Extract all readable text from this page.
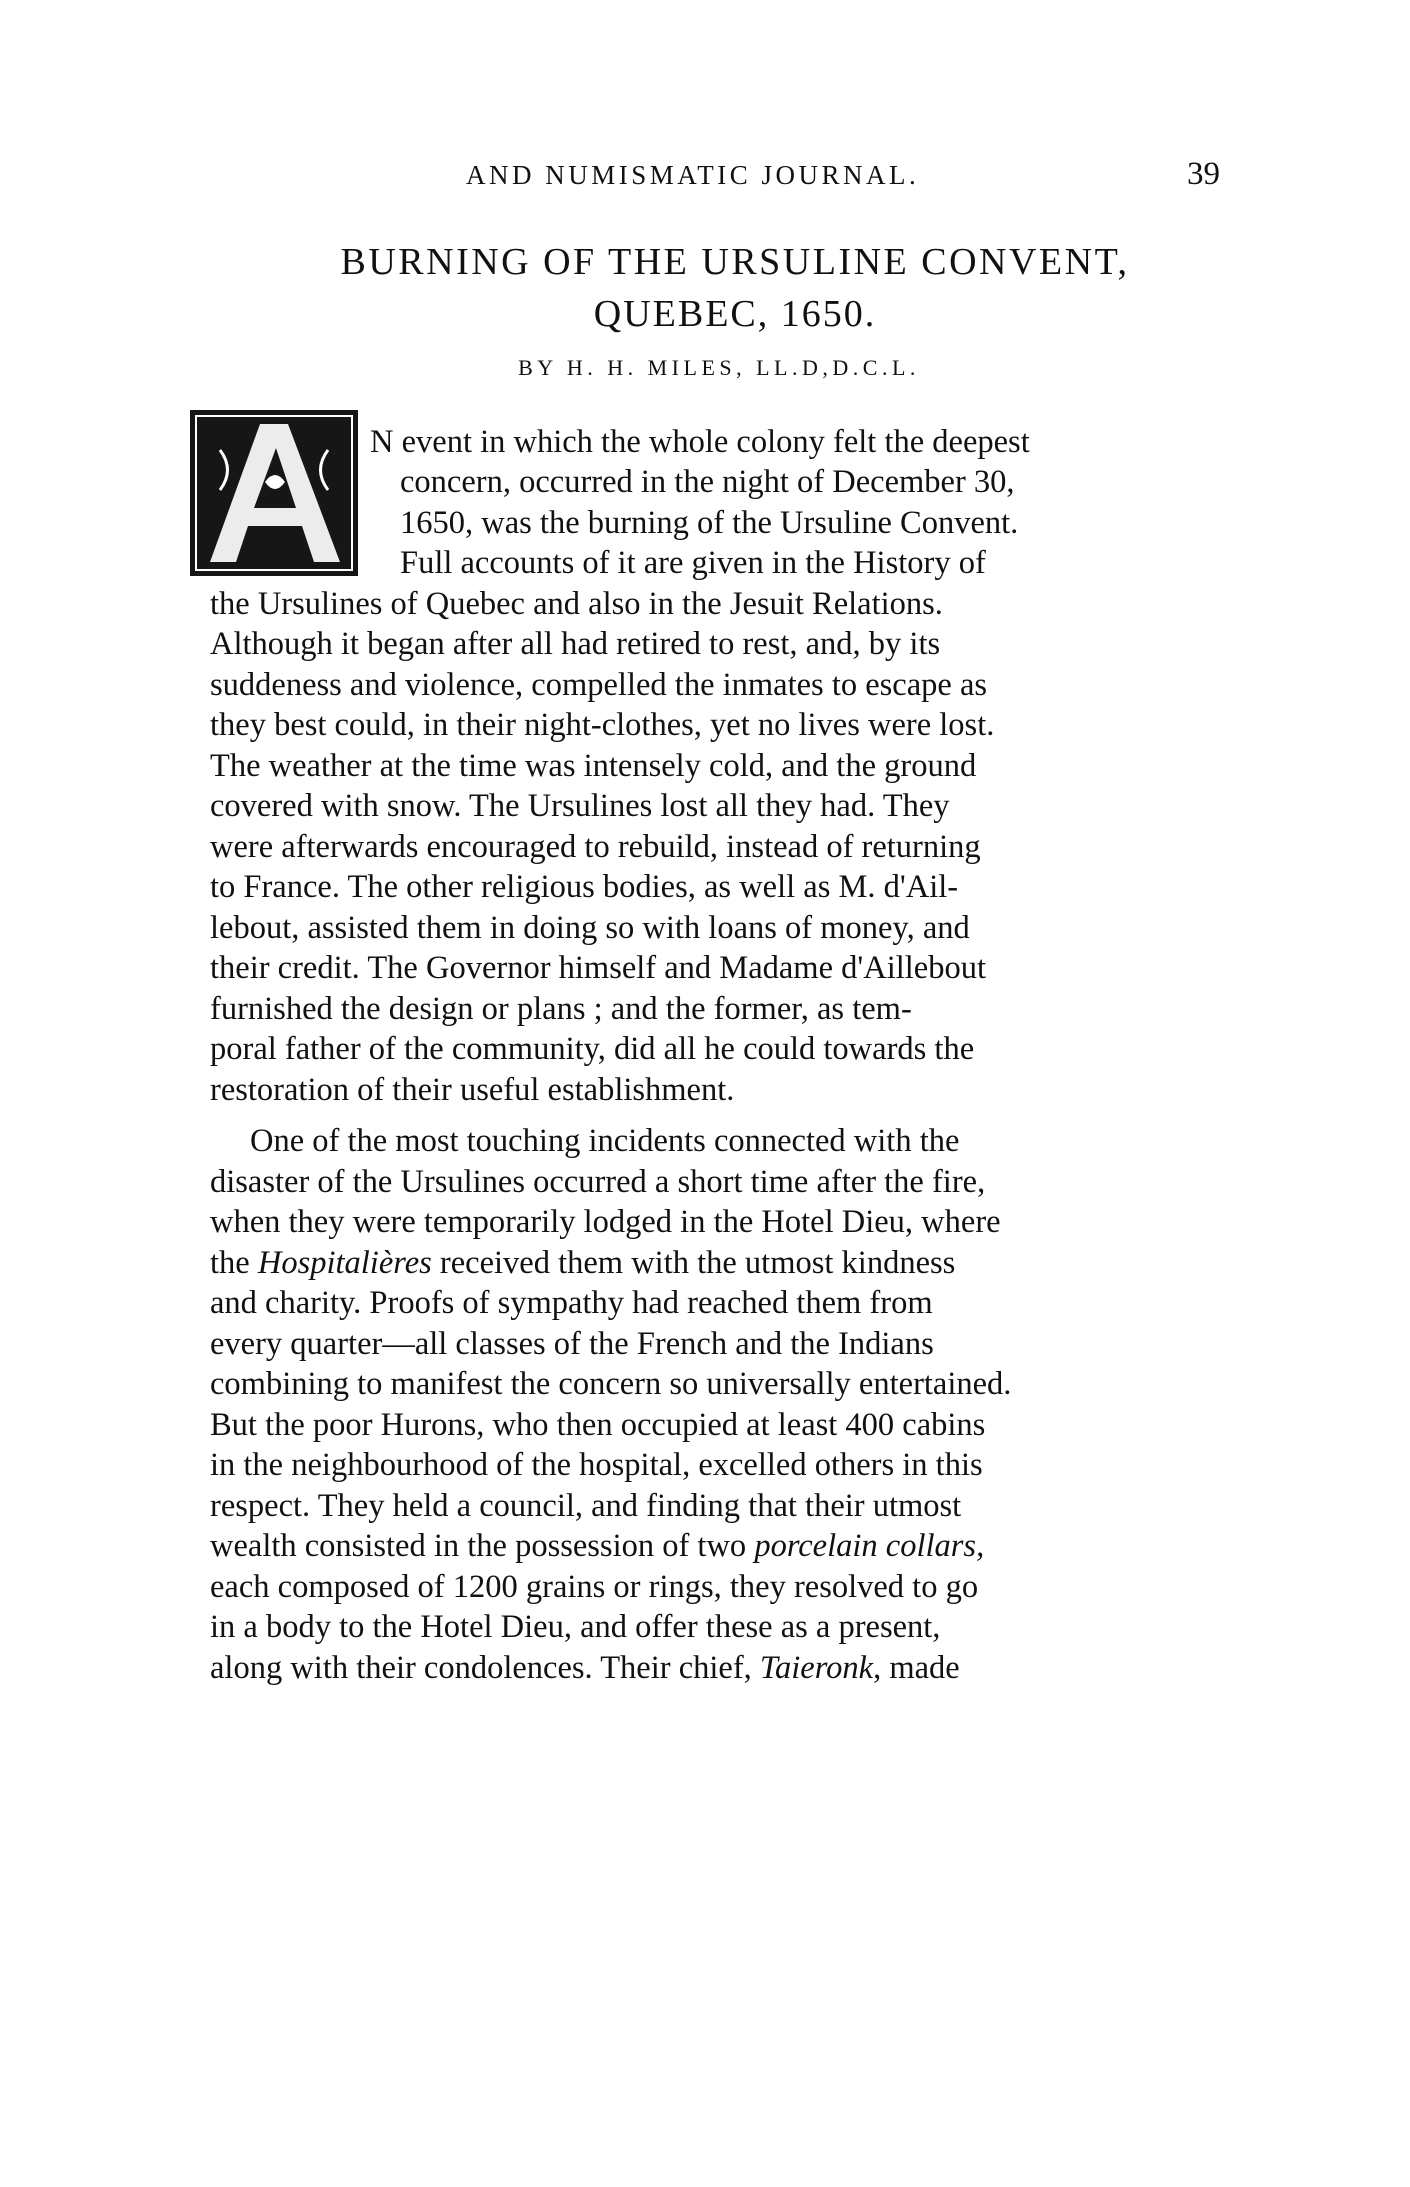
AND NUMISMATIC JOURNAL.	39
BURNING OF THE URSULINE CONVENT,
QUEBEC, 1650.
BY H. H. MILES, LL.D,D.C.L.
N event in which the whole colony felt the deepest
concern, occurred in the night of December 30,
1650, was the burning of the Ursuline Convent.
Full accounts of it are given in the History of
the Ursulines of Quebec and also in the Jesuit Relations.
Although it began after all had retired to rest, and, by its
suddeness and violence, compelled the inmates to escape as
they best could, in their night-clothes, yet no lives were lost.
The weather at the time was intensely cold, and the ground
covered with snow. The Ursulines lost all they had. They
were afterwards encouraged to rebuild, instead of returning
to France. The other religious bodies, as well as M. d'Ail-
lebout, assisted them in doing so with loans of money, and
their credit. The Governor himself and Madame d'Aillebout
furnished the design or plans ; and the former, as tem-
poral father of the community, did all he could towards the
restoration of their useful establishment.
One of the most touching incidents connected with the
disaster of the Ursulines occurred a short time after the fire,
when they were temporarily lodged in the Hotel Dieu, where
the Hospitalières received them with the utmost kindness
and charity. Proofs of sympathy had reached them from
every quarter—all classes of the French and the Indians
combining to manifest the concern so universally entertained.
But the poor Hurons, who then occupied at least 400 cabins
in the neighbourhood of the hospital, excelled others in this
respect. They held a council, and finding that their utmost
wealth consisted in the possession of two porcelain collars,
each composed of 1200 grains or rings, they resolved to go
in a body to the Hotel Dieu, and offer these as a present,
along with their condolences. Their chief, Taieronk, made
